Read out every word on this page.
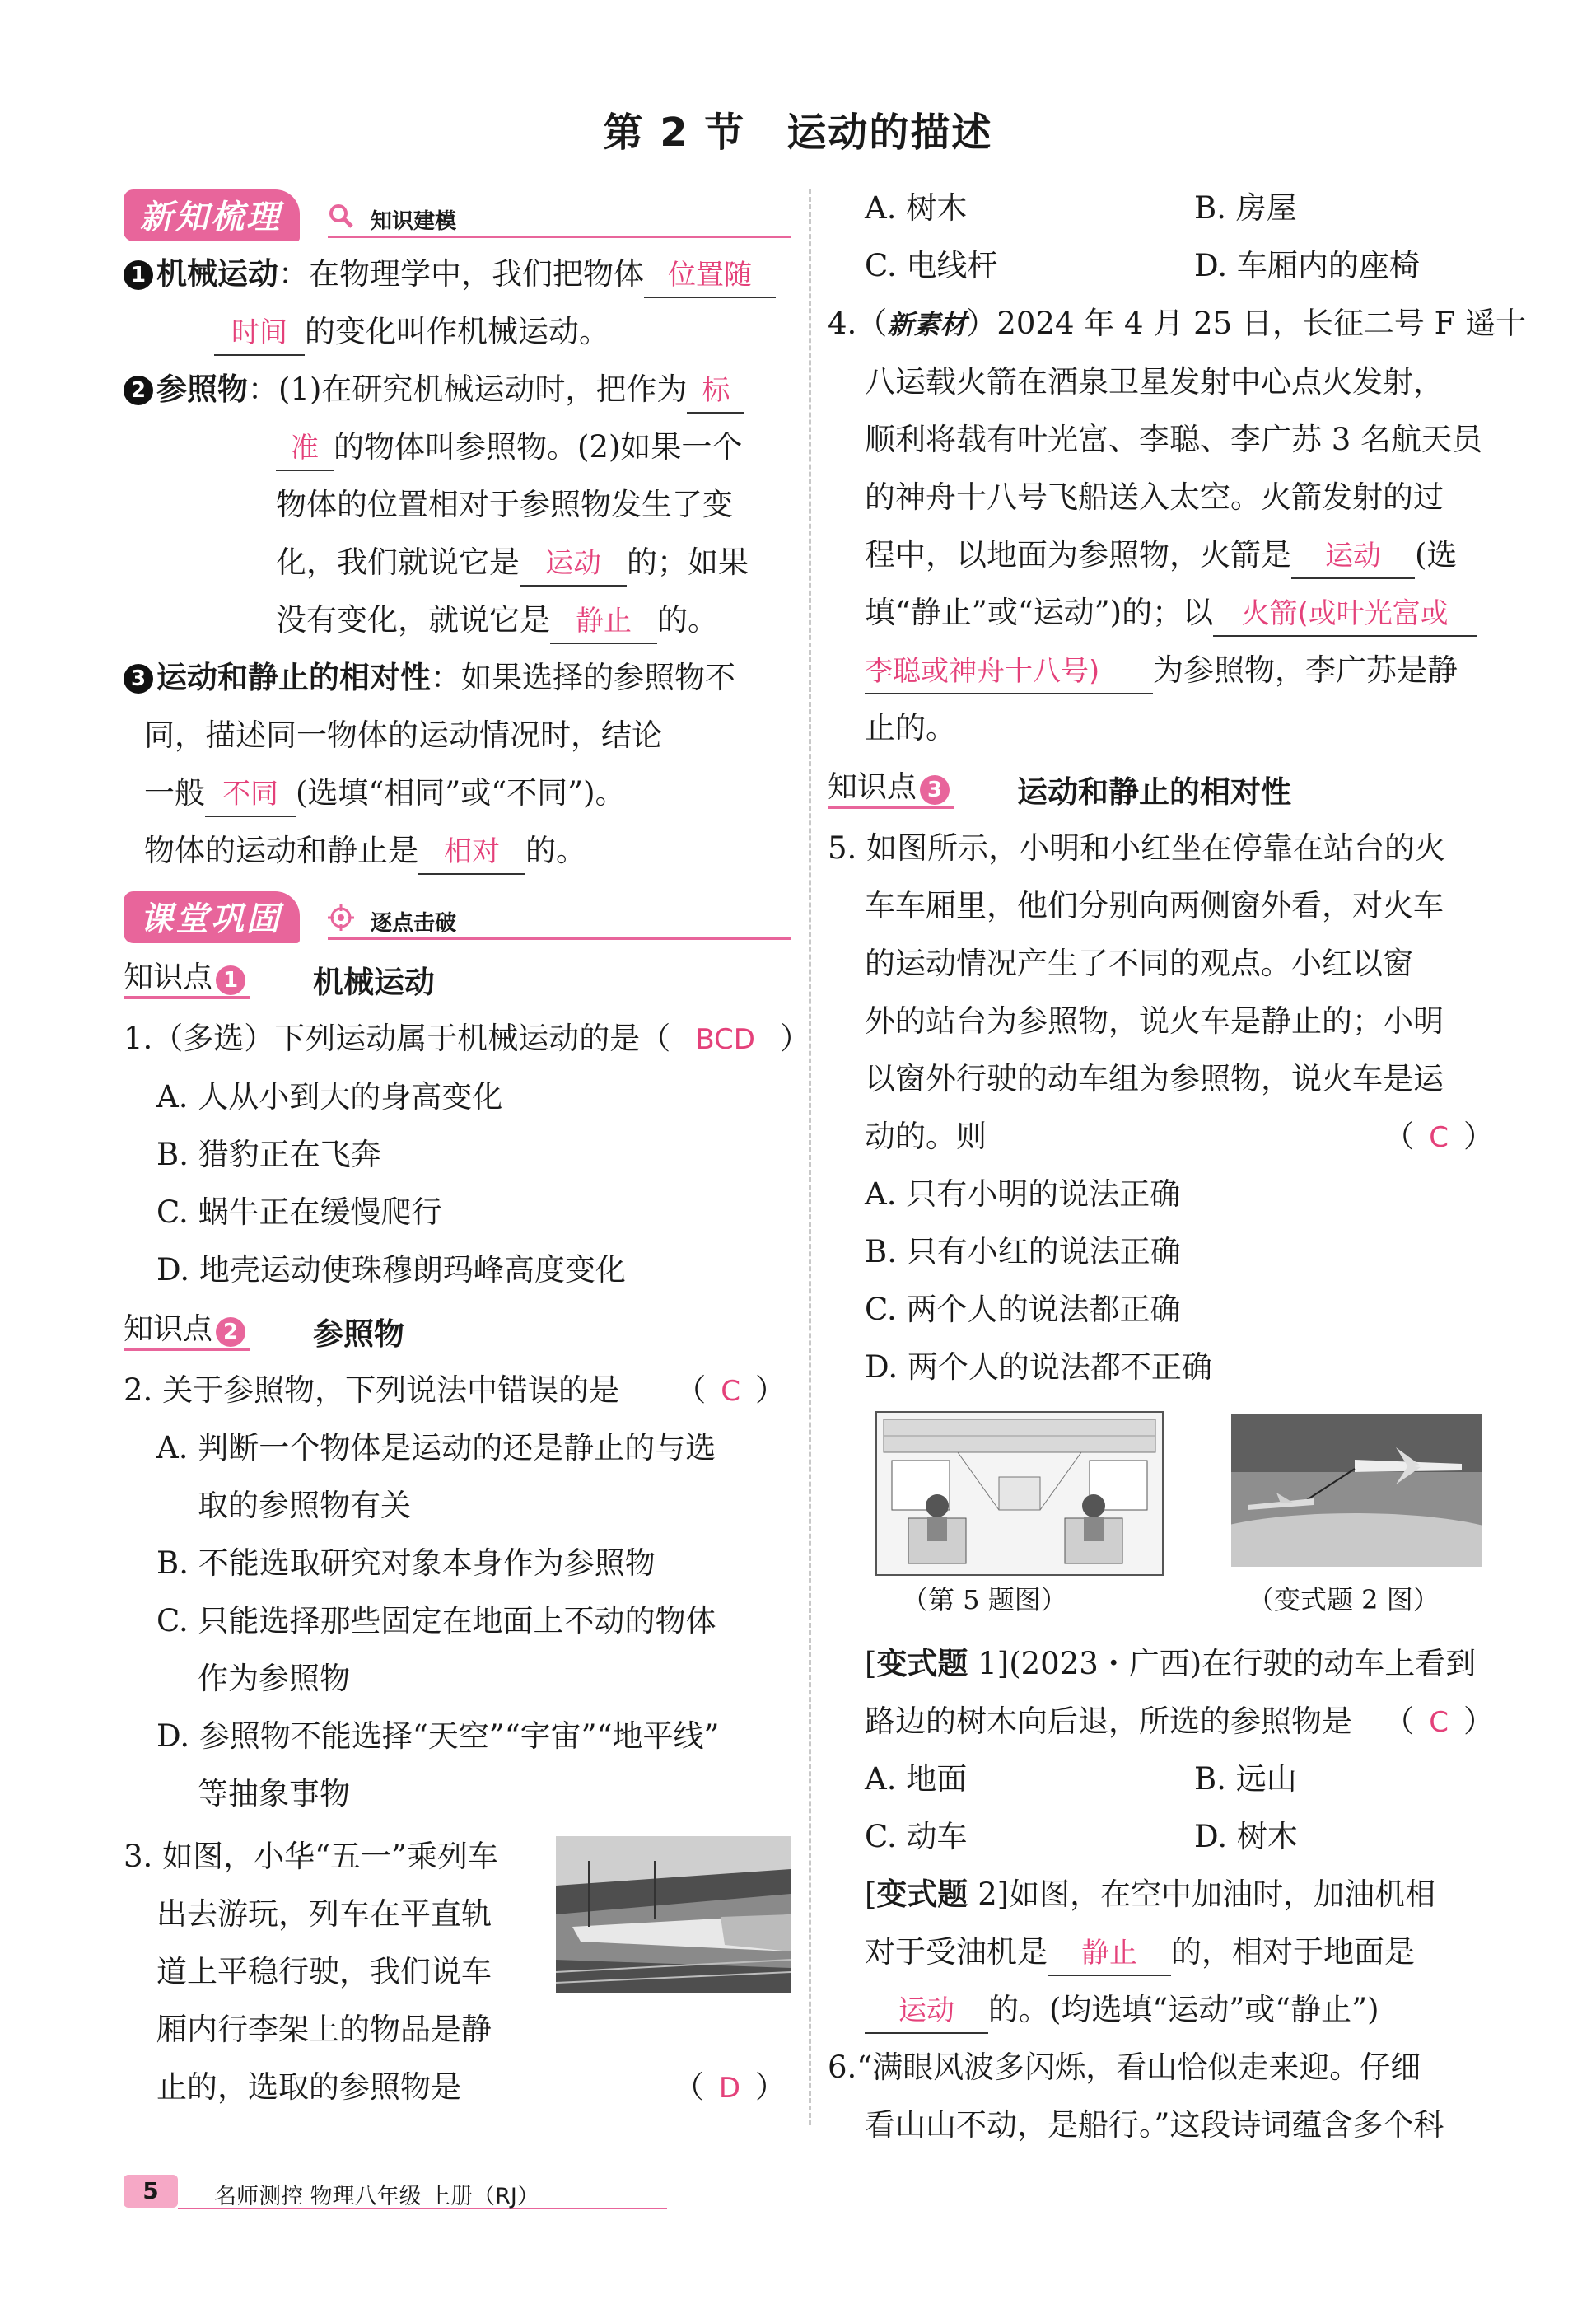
第 2 节 运动的描述
新知梳理	知识建模
1 机械运动：在物理学中，我们把物体 位置随
时间 的变化叫作机械运动。
2 参照物：(1)在研究机械运动时，把作为 标
准 的物体叫参照物。(2)如果一个
物体的位置相对于参照物发生了变
化，我们就说它是 运动 的；如果
没有变化，就说它是 静止 的。
3 运动和静止的相对性：如果选择的参照物不
同，描述同一物体的运动情况时，结论
一般 不同 (选填“相同”或“不同”)。
物体的运动和静止是 相对 的。
课堂巩固	逐点击破
知识点 1	机械运动
1.（多选）下列运动属于机械运动的是（ BCD ）
A. 人从小到大的身高变化
B. 猎豹正在飞奔
C. 蜗牛正在缓慢爬行
D. 地壳运动使珠穆朗玛峰高度变化
知识点 2	参照物
2. 关于参照物，下列说法中错误的是 （ C ）
A. 判断一个物体是运动的还是静止的与选
取的参照物有关
B. 不能选取研究对象本身作为参照物
C. 只能选择那些固定在地面上不动的物体
作为参照物
D. 参照物不能选择“天空”“宇宙”“地平线”
等抽象事物
3. 如图，小华“五一”乘列车
出去游玩，列车在平直轨
道上平稳行驶，我们说车
厢内行李架上的物品是静
止的，选取的参照物是	（ D ）
A. 树木	B. 房屋
C. 电线杆	D. 车厢内的座椅
4.（新素材）2024 年 4 月 25 日，长征二号 F 遥十
八运载火箭在酒泉卫星发射中心点火发射，
顺利将载有叶光富、李聪、李广苏 3 名航天员
的神舟十八号飞船送入太空。火箭发射的过
程中，以地面为参照物，火箭是 运动 (选
填“静止”或“运动”)的；以 火箭(或叶光富或
李聪或神舟十八号) 为参照物，李广苏是静
止的。
知识点 3	运动和静止的相对性
5. 如图所示，小明和小红坐在停靠在站台的火
车车厢里，他们分别向两侧窗外看，对火车
的运动情况产生了不同的观点。小红以窗
外的站台为参照物，说火车是静止的；小明
以窗外行驶的动车组为参照物，说火车是运
动的。则	（ C ）
A. 只有小明的说法正确
B. 只有小红的说法正确
C. 两个人的说法都正确
D. 两个人的说法都不正确
（第 5 题图）	（变式题 2 图）
[变式题 1](2023・广西)在行驶的动车上看到
路边的树木向后退，所选的参照物是 （ C ）
A. 地面	B. 远山
C. 动车	D. 树木
[变式题 2]如图，在空中加油时，加油机相
对于受油机是 静止 的，相对于地面是
运动 的。(均选填“运动”或“静止”)
6.“满眼风波多闪烁，看山恰似走来迎。仔细
看山山不动，是船行。”这段诗词蕴含多个科
5	名师测控 物理八年级 上册（RJ）
